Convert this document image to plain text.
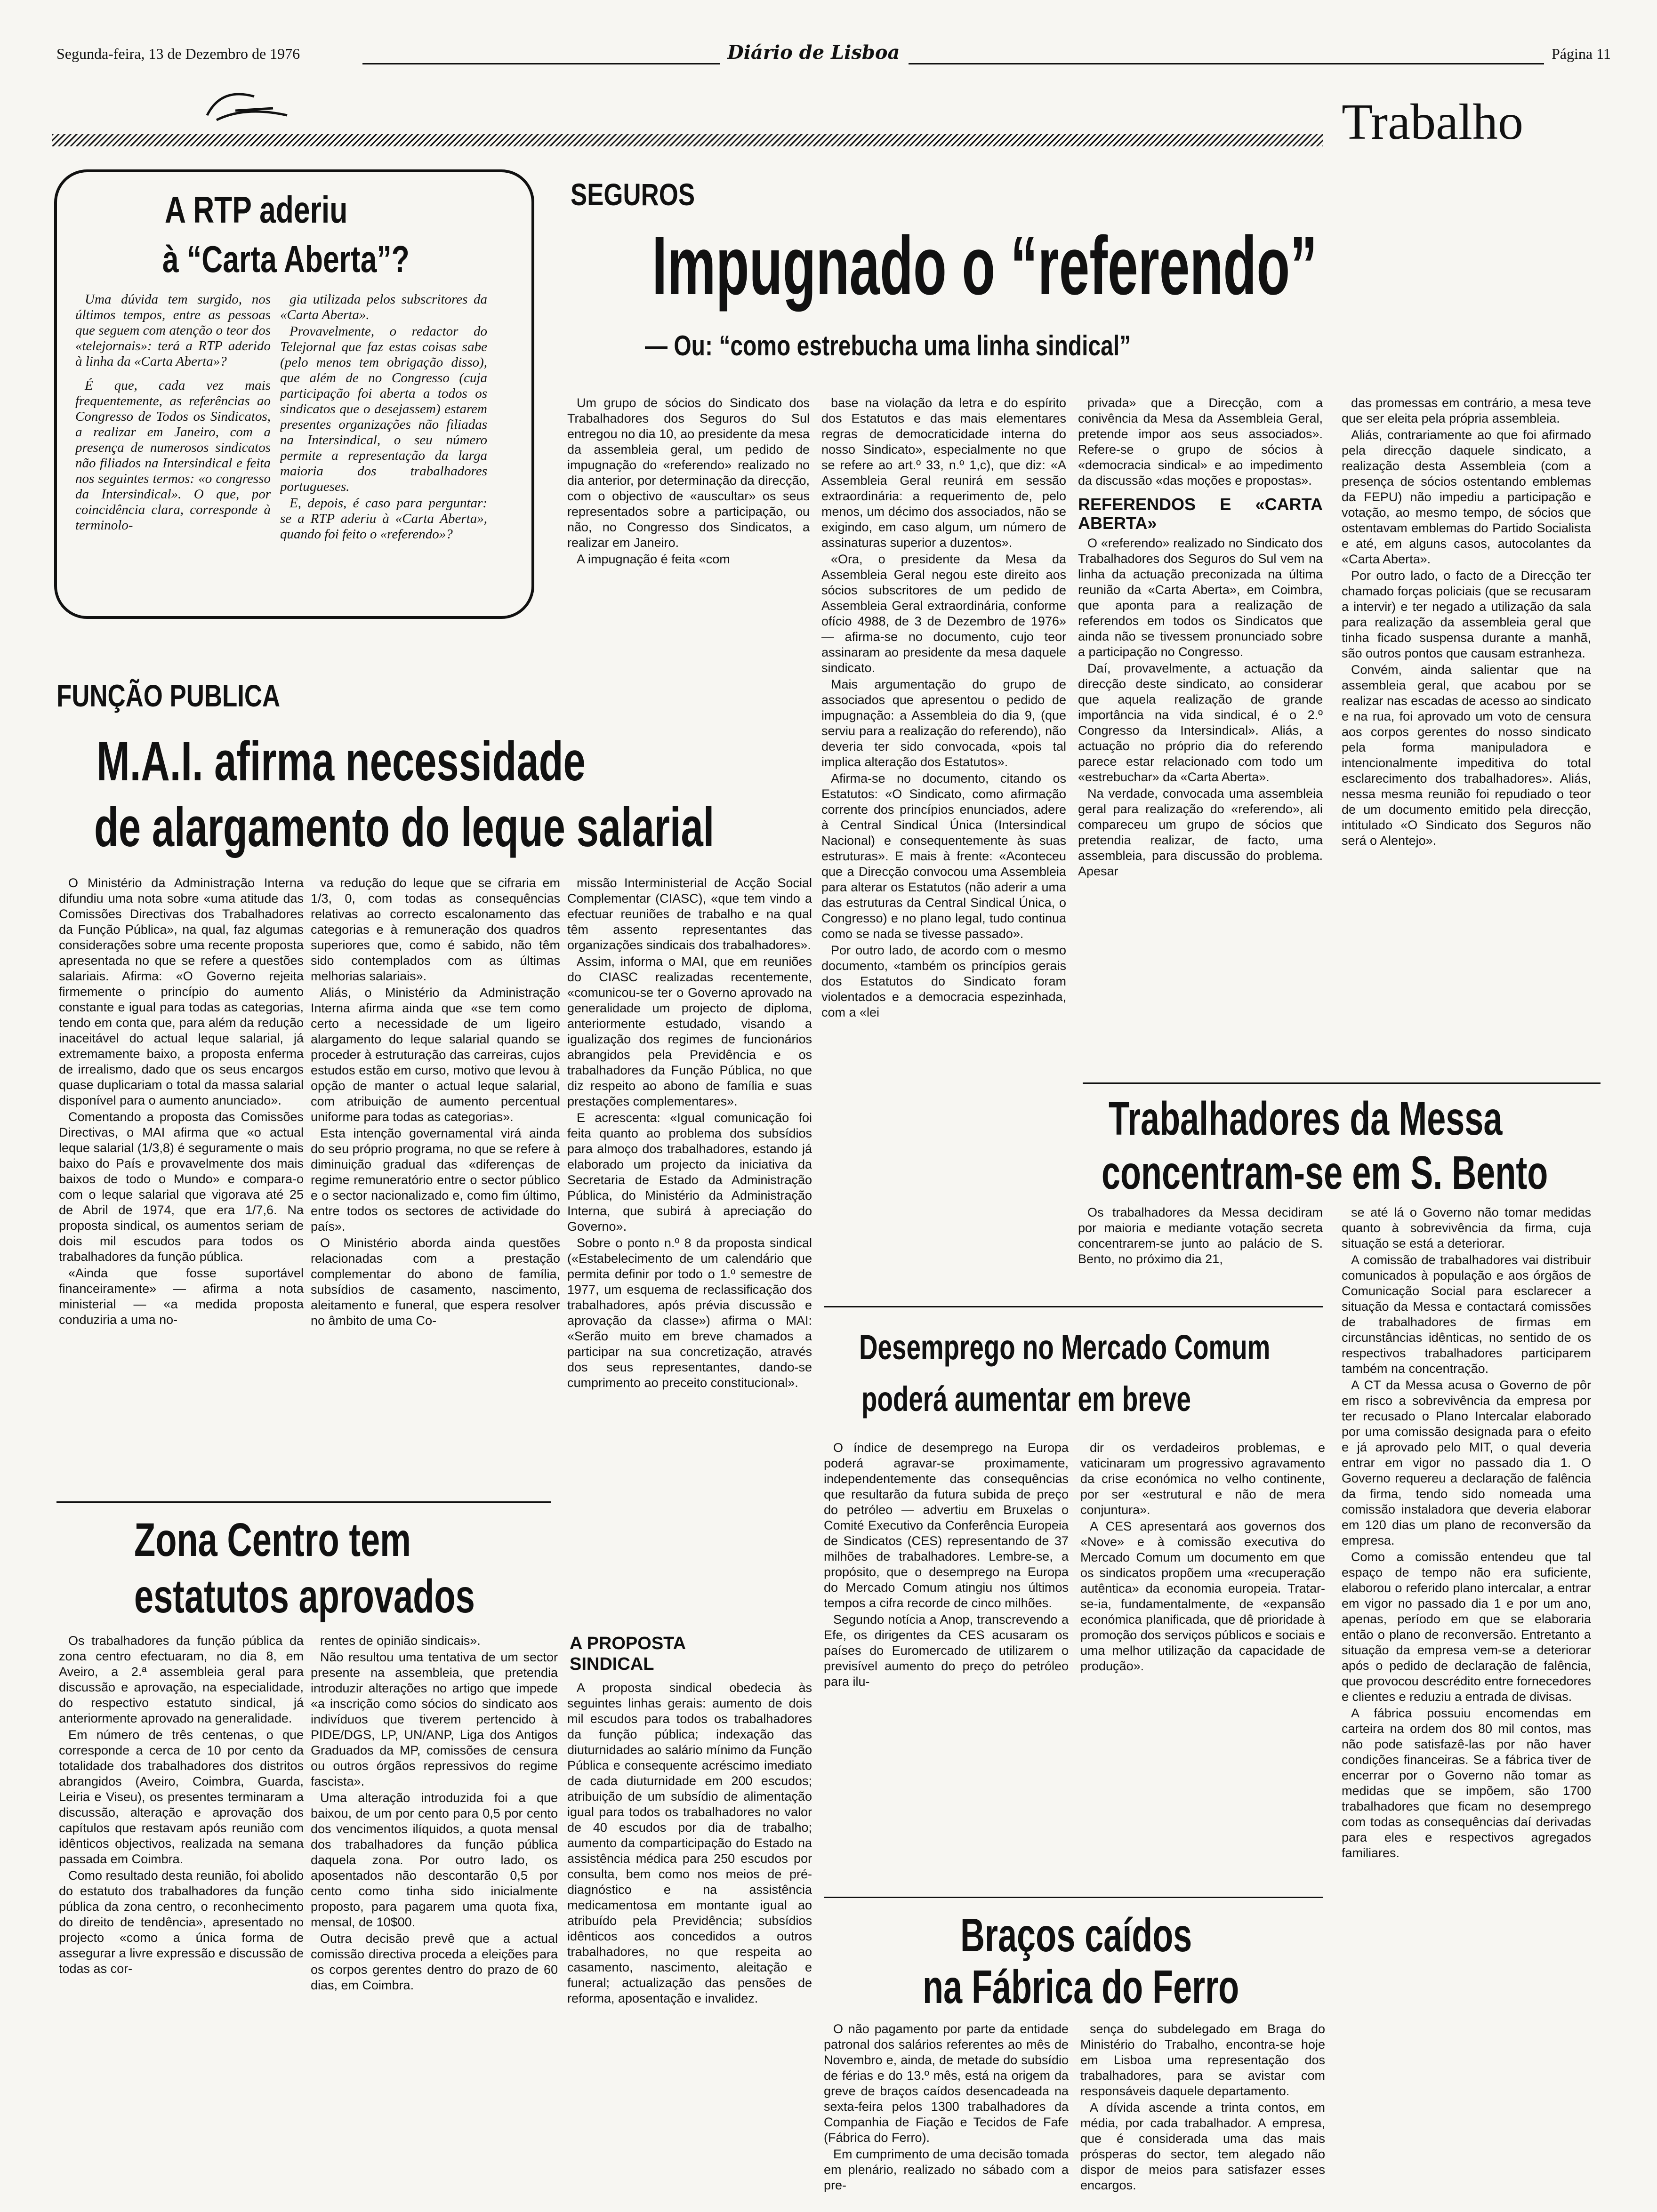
Segunda-feira, 13 de Dezembro de 1976	Diário de Lisboa	Página 11
Trabalho
A RTP aderiu
à “Carta Aberta”?

Uma dúvida tem surgido, nos últimos tempos, entre as pessoas que seguem com atenção o teor dos «telejornais»: terá a RTP aderido à linha da «Carta Aberta»?

É que, cada vez mais frequentemente, as referências ao Congresso de Todos os Sindicatos, a realizar em Janeiro, com a presença de numerosos sindicatos não filiados na Intersindical e feita nos seguintes termos: «o congresso da Intersindical». O que, por coincidência clara, corresponde à terminolo-

gia utilizada pelos subscritores da «Carta Aberta».

Provavelmente, o redactor do Telejornal que faz estas coisas sabe (pelo menos tem obrigação disso), que além de no Congresso (cuja participação foi aberta a todos os sindicatos que o desejassem) estarem presentes organizações não filiadas na Intersindical, o seu número permite a representação da larga maioria dos trabalhadores portugueses.

E, depois, é caso para perguntar: se a RTP aderiu à «Carta Aberta», quando foi feito o «referendo»?

SEGUROS
Impugnado o “referendo”
— Ou: “como estrebucha uma linha sindical”

Um grupo de sócios do Sindicato dos Trabalhadores dos Seguros do Sul entregou no dia 10, ao presidente da mesa da assembleia geral, um pedido de impugnação do «referendo» realizado no dia anterior, por determinação da direcção, com o objectivo de «auscultar» os seus representados sobre a participação, ou não, no Congresso dos Sindicatos, a realizar em Janeiro.

A impugnação é feita «com

base na violação da letra e do espírito dos Estatutos e das mais elementares regras de democraticidade interna do nosso Sindicato», especialmente no que se refere ao art.º 33, n.º 1,c), que diz: «A Assembleia Geral reunirá em sessão extraordinária: a requerimento de, pelo menos, um décimo dos associados, não se exigindo, em caso algum, um número de assinaturas superior a duzentos».

«Ora, o presidente da Mesa da Assembleia Geral negou este direito aos sócios subscritores de um pedido de Assembleia Geral extraordinária, conforme ofício 4988, de 3 de Dezembro de 1976» — afirma-se no documento, cujo teor assinaram ao presidente da mesa daquele sindicato.

Mais argumentação do grupo de associados que apresentou o pedido de impugnação: a Assembleia do dia 9, (que serviu para a realização do referendo), não deveria ter sido convocada, «pois tal implica alteração dos Estatutos».

Afirma-se no documento, citando os Estatutos: «O Sindicato, como afirmação corrente dos princípios enunciados, adere à Central Sindical Única (Intersindical Nacional) e consequentemente às suas estruturas». E mais à frente: «Aconteceu que a Direcção convocou uma Assembleia para alterar os Estatutos (não aderir a uma das estruturas da Central Sindical Única, o Congresso) e no plano legal, tudo continua como se nada se tivesse passado».

Por outro lado, de acordo com o mesmo documento, «também os princípios gerais dos Estatutos do Sindicato foram violentados e a democracia espezinhada, com a «lei

privada» que a Direcção, com a conivência da Mesa da Assembleia Geral, pretende impor aos seus associados». Refere-se o grupo de sócios à «democracia sindical» e ao impedimento da discussão «das moções e propostas».

REFERENDOS E «CARTA ABERTA»

O «referendo» realizado no Sindicato dos Trabalhadores dos Seguros do Sul vem na linha da actuação preconizada na última reunião da «Carta Aberta», em Coimbra, que aponta para a realização de referendos em todos os Sindicatos que ainda não se tivessem pronunciado sobre a participação no Congresso.

Daí, provavelmente, a actuação da direcção deste sindicato, ao considerar que aquela realização de grande importância na vida sindical, é o 2.º Congresso da Intersindical». Aliás, a actuação no próprio dia do referendo parece estar relacionado com todo um «estrebuchar» da «Carta Aberta».

Na verdade, convocada uma assembleia geral para realização do «referendo», ali compareceu um grupo de sócios que pretendia realizar, de facto, uma assembleia, para discussão do problema. Apesar

das promessas em contrário, a mesa teve que ser eleita pela própria assembleia.

Aliás, contrariamente ao que foi afirmado pela direcção daquele sindicato, a realização desta Assembleia (com a presença de sócios ostentando emblemas da FEPU) não impediu a participação e votação, ao mesmo tempo, de sócios que ostentavam emblemas do Partido Socialista e até, em alguns casos, autocolantes da «Carta Aberta».

Por outro lado, o facto de a Direcção ter chamado forças policiais (que se recusaram a intervir) e ter negado a utilização da sala para realização da assembleia geral que tinha ficado suspensa durante a manhã, são outros pontos que causam estranheza.

Convém, ainda salientar que na assembleia geral, que acabou por se realizar nas escadas de acesso ao sindicato e na rua, foi aprovado um voto de censura aos corpos gerentes do nosso sindicato pela forma manipuladora e intencionalmente impeditiva do total esclarecimento dos trabalhadores». Aliás, nessa mesma reunião foi repudiado o teor de um documento emitido pela direcção, intitulado «O Sindicato dos Seguros não será o Alentejo».

FUNÇÃO PUBLICA
M.A.I. afirma necessidade
de alargamento do leque salarial

O Ministério da Administração Interna difundiu uma nota sobre «uma atitude das Comissões Directivas dos Trabalhadores da Função Pública», na qual, faz algumas considerações sobre uma recente proposta apresentada no que se refere a questões salariais. Afirma: «O Governo rejeita firmemente o princípio do aumento constante e igual para todas as categorias, tendo em conta que, para além da redução inaceitável do actual leque salarial, já extremamente baixo, a proposta enferma de irrealismo, dado que os seus encargos quase duplicariam o total da massa salarial disponível para o aumento anunciado».

Comentando a proposta das Comissões Directivas, o MAI afirma que «o actual leque salarial (1/3,8) é seguramente o mais baixo do País e provavelmente dos mais baixos de todo o Mundo» e compara-o com o leque salarial que vigorava até 25 de Abril de 1974, que era 1/7,6. Na proposta sindical, os aumentos seriam de dois mil escudos para todos os trabalhadores da função pública.

«Ainda que fosse suportável financeiramente» — afirma a nota ministerial — «a medida proposta conduziria a uma no-

va redução do leque que se cifraria em 1/3, 0, com todas as consequências relativas ao correcto escalonamento das categorias e à remuneração dos quadros superiores que, como é sabido, não têm sido contemplados com as últimas melhorias salariais».

Aliás, o Ministério da Administração Interna afirma ainda que «se tem como certo a necessidade de um ligeiro alargamento do leque salarial quando se proceder à estruturação das carreiras, cujos estudos estão em curso, motivo que levou à opção de manter o actual leque salarial, com atribuição de aumento percentual uniforme para todas as categorias».

Esta intenção governamental virá ainda do seu próprio programa, no que se refere à diminuição gradual das «diferenças de regime remuneratório entre o sector público e o sector nacionalizado e, como fim último, entre todos os sectores de actividade do país».

O Ministério aborda ainda questões relacionadas com a prestação complementar do abono de família, subsídios de casamento, nascimento, aleitamento e funeral, que espera resolver no âmbito de uma Co-

missão Interministerial de Acção Social Complementar (CIASC), «que tem vindo a efectuar reuniões de trabalho e na qual têm assento representantes das organizações sindicais dos trabalhadores».

Assim, informa o MAI, que em reuniões do CIASC realizadas recentemente, «comunicou-se ter o Governo aprovado na generalidade um projecto de diploma, anteriormente estudado, visando a igualização dos regimes de funcionários abrangidos pela Previdência e os trabalhadores da Função Pública, no que diz respeito ao abono de família e suas prestações complementares».

E acrescenta: «Igual comunicação foi feita quanto ao problema dos subsídios para almoço dos trabalhadores, estando já elaborado um projecto da iniciativa da Secretaria de Estado da Administração Pública, do Ministério da Administração Interna, que subirá à apreciação do Governo».

Sobre o ponto n.º 8 da proposta sindical («Estabelecimento de um calendário que permita definir por todo o 1.º semestre de 1977, um esquema de reclassificação dos trabalhadores, após prévia discussão e aprovação da classe») afirma o MAI: «Serão muito em breve chamados a participar na sua concretização, através dos seus representantes, dando-se cumprimento ao preceito constitucional».

A PROPOSTA SINDICAL

A proposta sindical obedecia às seguintes linhas gerais: aumento de dois mil escudos para todos os trabalhadores da função pública; indexação das diuturnidades ao salário mínimo da Função Pública e consequente acréscimo imediato de cada diuturnidade em 200 escudos; atribuição de um subsídio de alimentação igual para todos os trabalhadores no valor de 40 escudos por dia de trabalho; aumento da comparticipação do Estado na assistência médica para 250 escudos por consulta, bem como nos meios de pré-diagnóstico e na assistência medicamentosa em montante igual ao atribuído pela Previdência; subsídios idênticos aos concedidos a outros trabalhadores, no que respeita ao casamento, nascimento, aleitação e funeral; actualização das pensões de reforma, aposentação e invalidez.

Zona Centro tem
estatutos aprovados

Os trabalhadores da função pública da zona centro efectuaram, no dia 8, em Aveiro, a 2.ª assembleia geral para discussão e aprovação, na especialidade, do respectivo estatuto sindical, já anteriormente aprovado na generalidade.

Em número de três centenas, o que corresponde a cerca de 10 por cento da totalidade dos trabalhadores dos distritos abrangidos (Aveiro, Coimbra, Guarda, Leiria e Viseu), os presentes terminaram a discussão, alteração e aprovação dos capítulos que restavam após reunião com idênticos objectivos, realizada na semana passada em Coimbra.

Como resultado desta reunião, foi abolido do estatuto dos trabalhadores da função pública da zona centro, o reconhecimento do direito de tendência», apresentado no projecto «como a única forma de assegurar a livre expressão e discussão de todas as cor-

rentes de opinião sindicais».

Não resultou uma tentativa de um sector presente na assembleia, que pretendia introduzir alterações no artigo que impede «a inscrição como sócios do sindicato aos indivíduos que tiverem pertencido à PIDE/DGS, LP, UN/ANP, Liga dos Antigos Graduados da MP, comissões de censura ou outros órgãos repressivos do regime fascista».

Uma alteração introduzida foi a que baixou, de um por cento para 0,5 por cento dos vencimentos ilíquidos, a quota mensal dos trabalhadores da função pública daquela zona. Por outro lado, os aposentados não descontarão 0,5 por cento como tinha sido inicialmente proposto, para pagarem uma quota fixa, mensal, de 10$00.

Outra decisão prevê que a actual comissão directiva proceda a eleições para os corpos gerentes dentro do prazo de 60 dias, em Coimbra.

Trabalhadores da Messa
concentram-se em S. Bento

Os trabalhadores da Messa decidiram por maioria e mediante votação secreta concentrarem-se junto ao palácio de S. Bento, no próximo dia 21,

se até lá o Governo não tomar medidas quanto à sobrevivência da firma, cuja situação se está a deteriorar.

A comissão de trabalhadores vai distribuir comunicados à população e aos órgãos de Comunicação Social para esclarecer a situação da Messa e contactará comissões de trabalhadores de firmas em circunstâncias idênticas, no sentido de os respectivos trabalhadores participarem também na concentração.

A CT da Messa acusa o Governo de pôr em risco a sobrevivência da empresa por ter recusado o Plano Intercalar elaborado por uma comissão designada para o efeito e já aprovado pelo MIT, o qual deveria entrar em vigor no passado dia 1. O Governo requereu a declaração de falência da firma, tendo sido nomeada uma comissão instaladora que deveria elaborar em 120 dias um plano de reconversão da empresa.

Como a comissão entendeu que tal espaço de tempo não era suficiente, elaborou o referido plano intercalar, a entrar em vigor no passado dia 1 e por um ano, apenas, período em que se elaboraria então o plano de reconversão. Entretanto a situação da empresa vem-se a deteriorar após o pedido de declaração de falência, que provocou descrédito entre fornecedores e clientes e reduziu a entrada de divisas.

A fábrica possuiu encomendas em carteira na ordem dos 80 mil contos, mas não pode satisfazê-las por não haver condições financeiras. Se a fábrica tiver de encerrar por o Governo não tomar as medidas que se impõem, são 1700 trabalhadores que ficam no desemprego com todas as consequências daí derivadas para eles e respectivos agregados familiares.

Desemprego no Mercado Comum
poderá aumentar em breve

O índice de desemprego na Europa poderá agravar-se proximamente, independentemente das consequências que resultarão da futura subida de preço do petróleo — advertiu em Bruxelas o Comité Executivo da Conferência Europeia de Sindicatos (CES) representando de 37 milhões de trabalhadores. Lembre-se, a propósito, que o desemprego na Europa do Mercado Comum atingiu nos últimos tempos a cifra recorde de cinco milhões.

Segundo notícia a Anop, transcrevendo a Efe, os dirigentes da CES acusaram os países do Euromercado de utilizarem o previsível aumento do preço do petróleo para ilu-

dir os verdadeiros problemas, e vaticinaram um progressivo agravamento da crise económica no velho continente, por ser «estrutural e não de mera conjuntura».

A CES apresentará aos governos dos «Nove» e à comissão executiva do Mercado Comum um documento em que os sindicatos propõem uma «recuperação autêntica» da economia europeia. Tratar-se-ia, fundamentalmente, de «expansão económica planificada, que dê prioridade à promoção dos serviços públicos e sociais e uma melhor utilização da capacidade de produção».

Braços caídos
na Fábrica do Ferro

O não pagamento por parte da entidade patronal dos salários referentes ao mês de Novembro e, ainda, de metade do subsídio de férias e do 13.º mês, está na origem da greve de braços caídos desencadeada na sexta-feira pelos 1300 trabalhadores da Companhia de Fiação e Tecidos de Fafe (Fábrica do Ferro).

Em cumprimento de uma decisão tomada em plenário, realizado no sábado com a pre-

sença do subdelegado em Braga do Ministério do Trabalho, encontra-se hoje em Lisboa uma representação dos trabalhadores, para se avistar com responsáveis daquele departamento.

A dívida ascende a trinta contos, em média, por cada trabalhador. A empresa, que é considerada uma das mais prósperas do sector, tem alegado não dispor de meios para satisfazer esses encargos.
